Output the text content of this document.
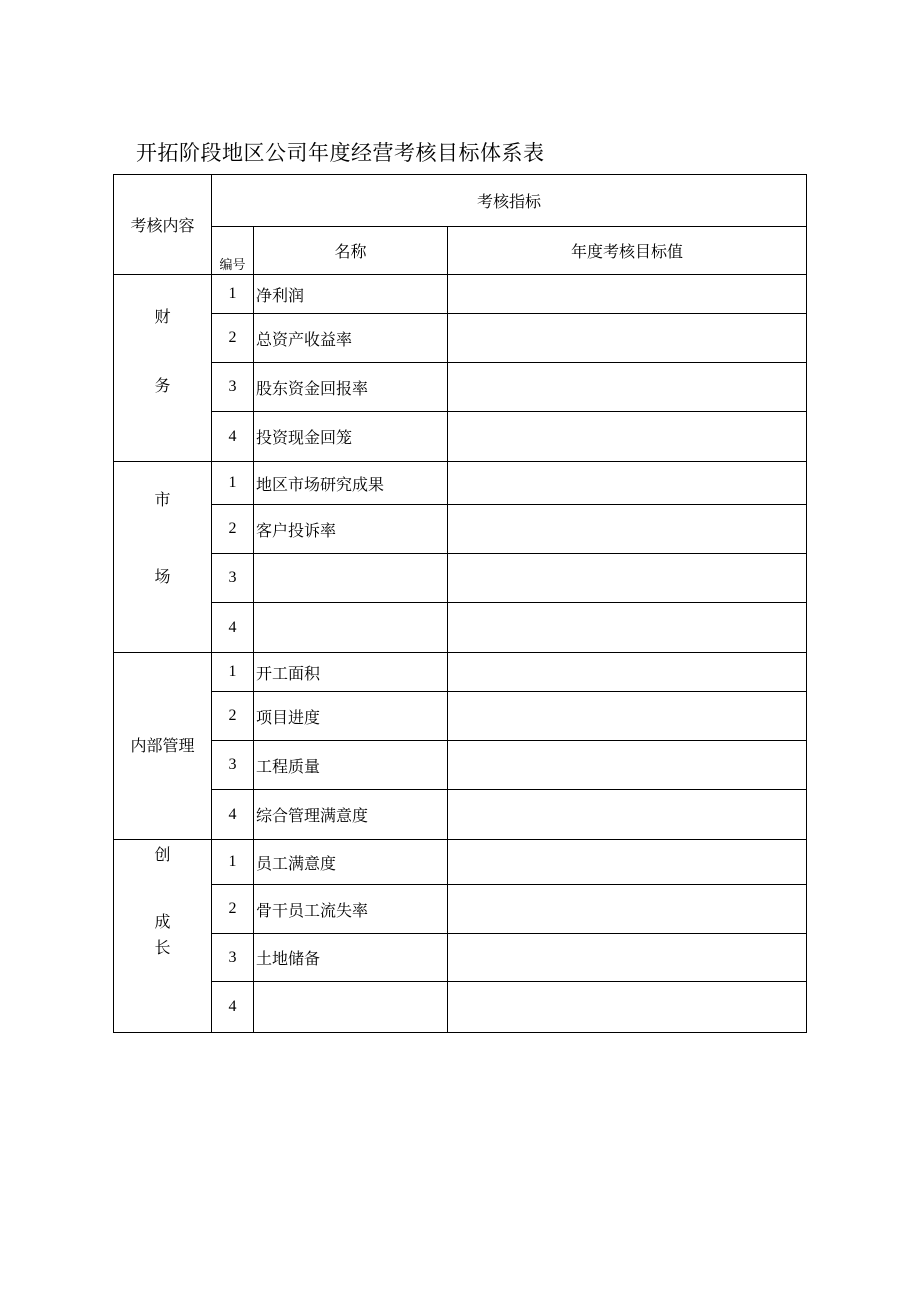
开拓阶段地区公司年度经营考核目标体系表
考核内容	考核指标		
	编号	名称	年度考核目标值

财
务	1	净利润	
	2	总资产收益率	
	3	股东资金回报率	
	4	投资现金回笼	

市
场	1	地区市场研究成果	
	2	客户投诉率	
	3		
	4		

内部管理	1	开工面积	
	2	项目进度	
	3	工程质量	
	4	综合管理满意度	

创
成
长	1	员工满意度	
	2	骨干员工流失率	
	3	土地储备	
	4		
